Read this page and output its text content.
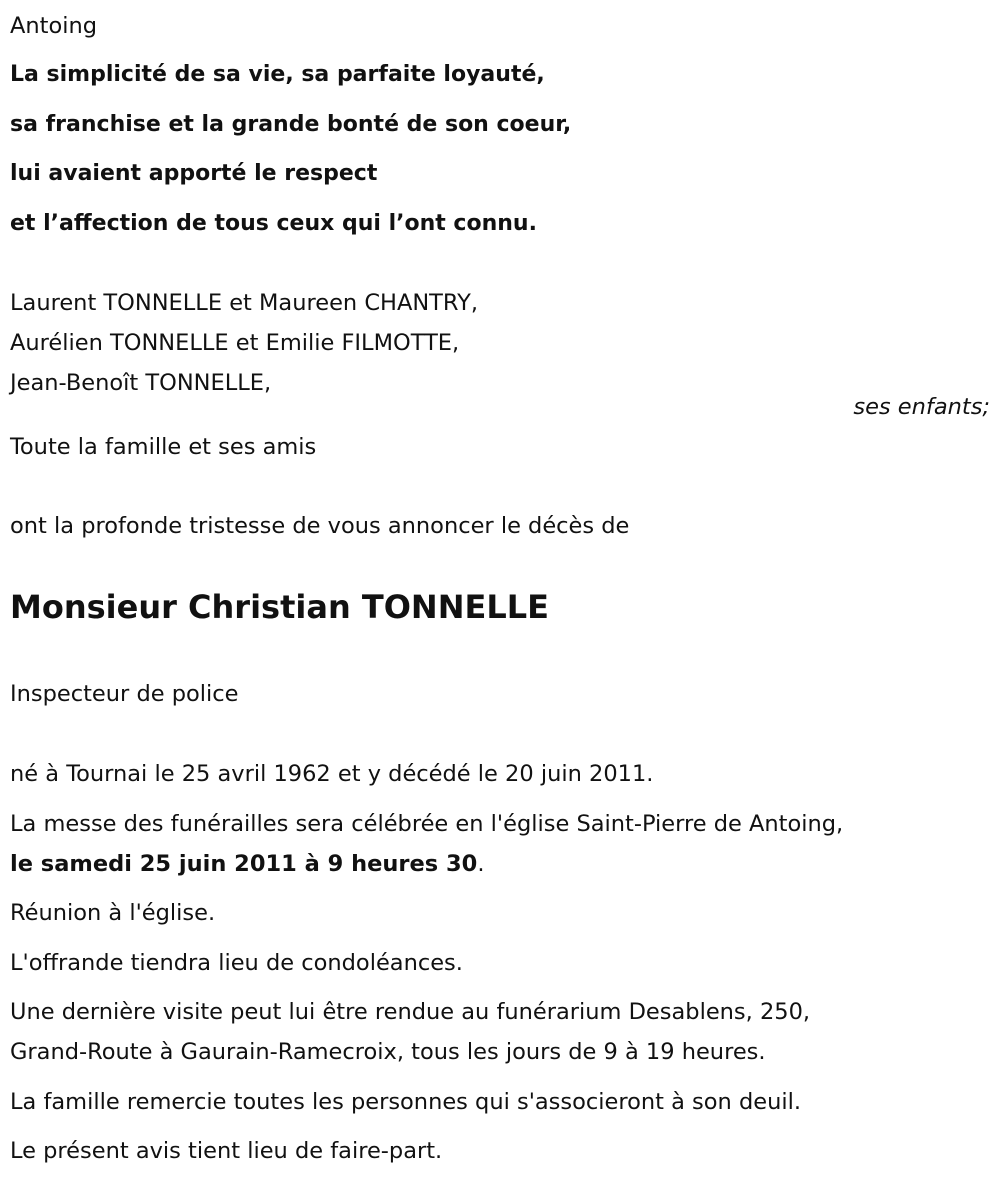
Antoing
La simplicité de sa vie, sa parfaite loyauté,
sa franchise et la grande bonté de son coeur,
lui avaient apporté le respect
et l’affection de tous ceux qui l’ont connu.
Laurent TONNELLE et Maureen CHANTRY,
Aurélien TONNELLE et Emilie FILMOTTE,
Jean-Benoît TONNELLE,
ses enfants;
Toute la famille et ses amis
ont la profonde tristesse de vous annoncer le décès de
Monsieur Christian TONNELLE
Inspecteur de police
né à Tournai le 25 avril 1962 et y décédé le 20 juin 2011.
La messe des funérailles sera célébrée en l'église Saint-Pierre de Antoing,
le samedi 25 juin 2011 à 9 heures 30.
Réunion à l'église.
L'offrande tiendra lieu de condoléances.
Une dernière visite peut lui être rendue au funérarium Desablens, 250,
Grand-Route à Gaurain-Ramecroix, tous les jours de 9 à 19 heures.
La famille remercie toutes les personnes qui s'associeront à son deuil.
Le présent avis tient lieu de faire-part.
